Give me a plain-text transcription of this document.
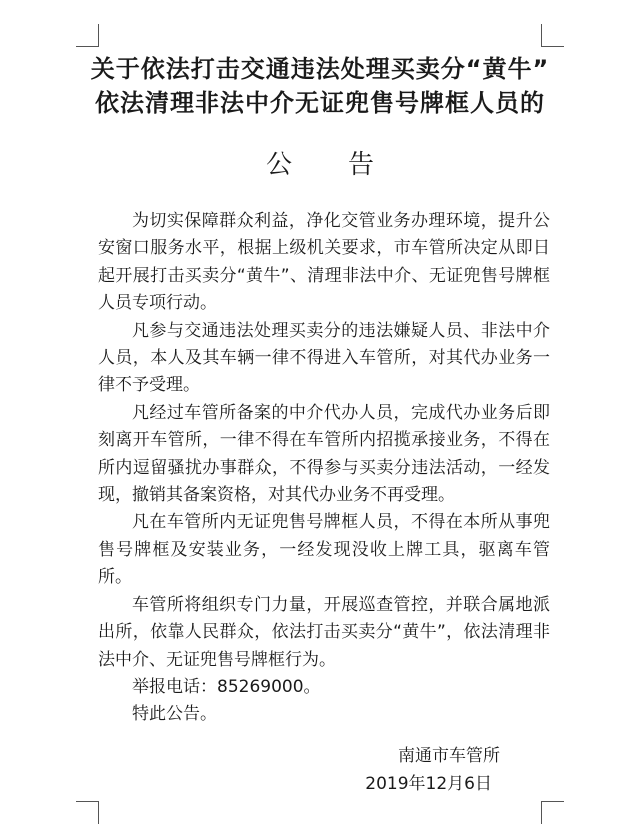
关于依法打击交通违法处理买卖分“黄牛”
依法清理非法中介无证兜售号牌框人员的
公告

为切实保障群众利益，净化交管业务办理环境，提升公安窗口服务水平，根据上级机关要求，市车管所决定从即日起开展打击买卖分“黄牛”、清理非法中介、无证兜售号牌框人员专项行动。

凡参与交通违法处理买卖分的违法嫌疑人员、非法中介人员，本人及其车辆一律不得进入车管所，对其代办业务一律不予受理。

凡经过车管所备案的中介代办人员，完成代办业务后即刻离开车管所，一律不得在车管所内招揽承接业务，不得在所内逗留骚扰办事群众，不得参与买卖分违法活动，一经发现，撤销其备案资格，对其代办业务不再受理。

凡在车管所内无证兜售号牌框人员，不得在本所从事兜售号牌框及安装业务，一经发现没收上牌工具，驱离车管所。

车管所将组织专门力量，开展巡查管控，并联合属地派出所，依靠人民群众，依法打击买卖分“黄牛”，依法清理非法中介、无证兜售号牌框行为。

举报电话：85269000。

特此公告。

南通市车管所
2019年12月6日
